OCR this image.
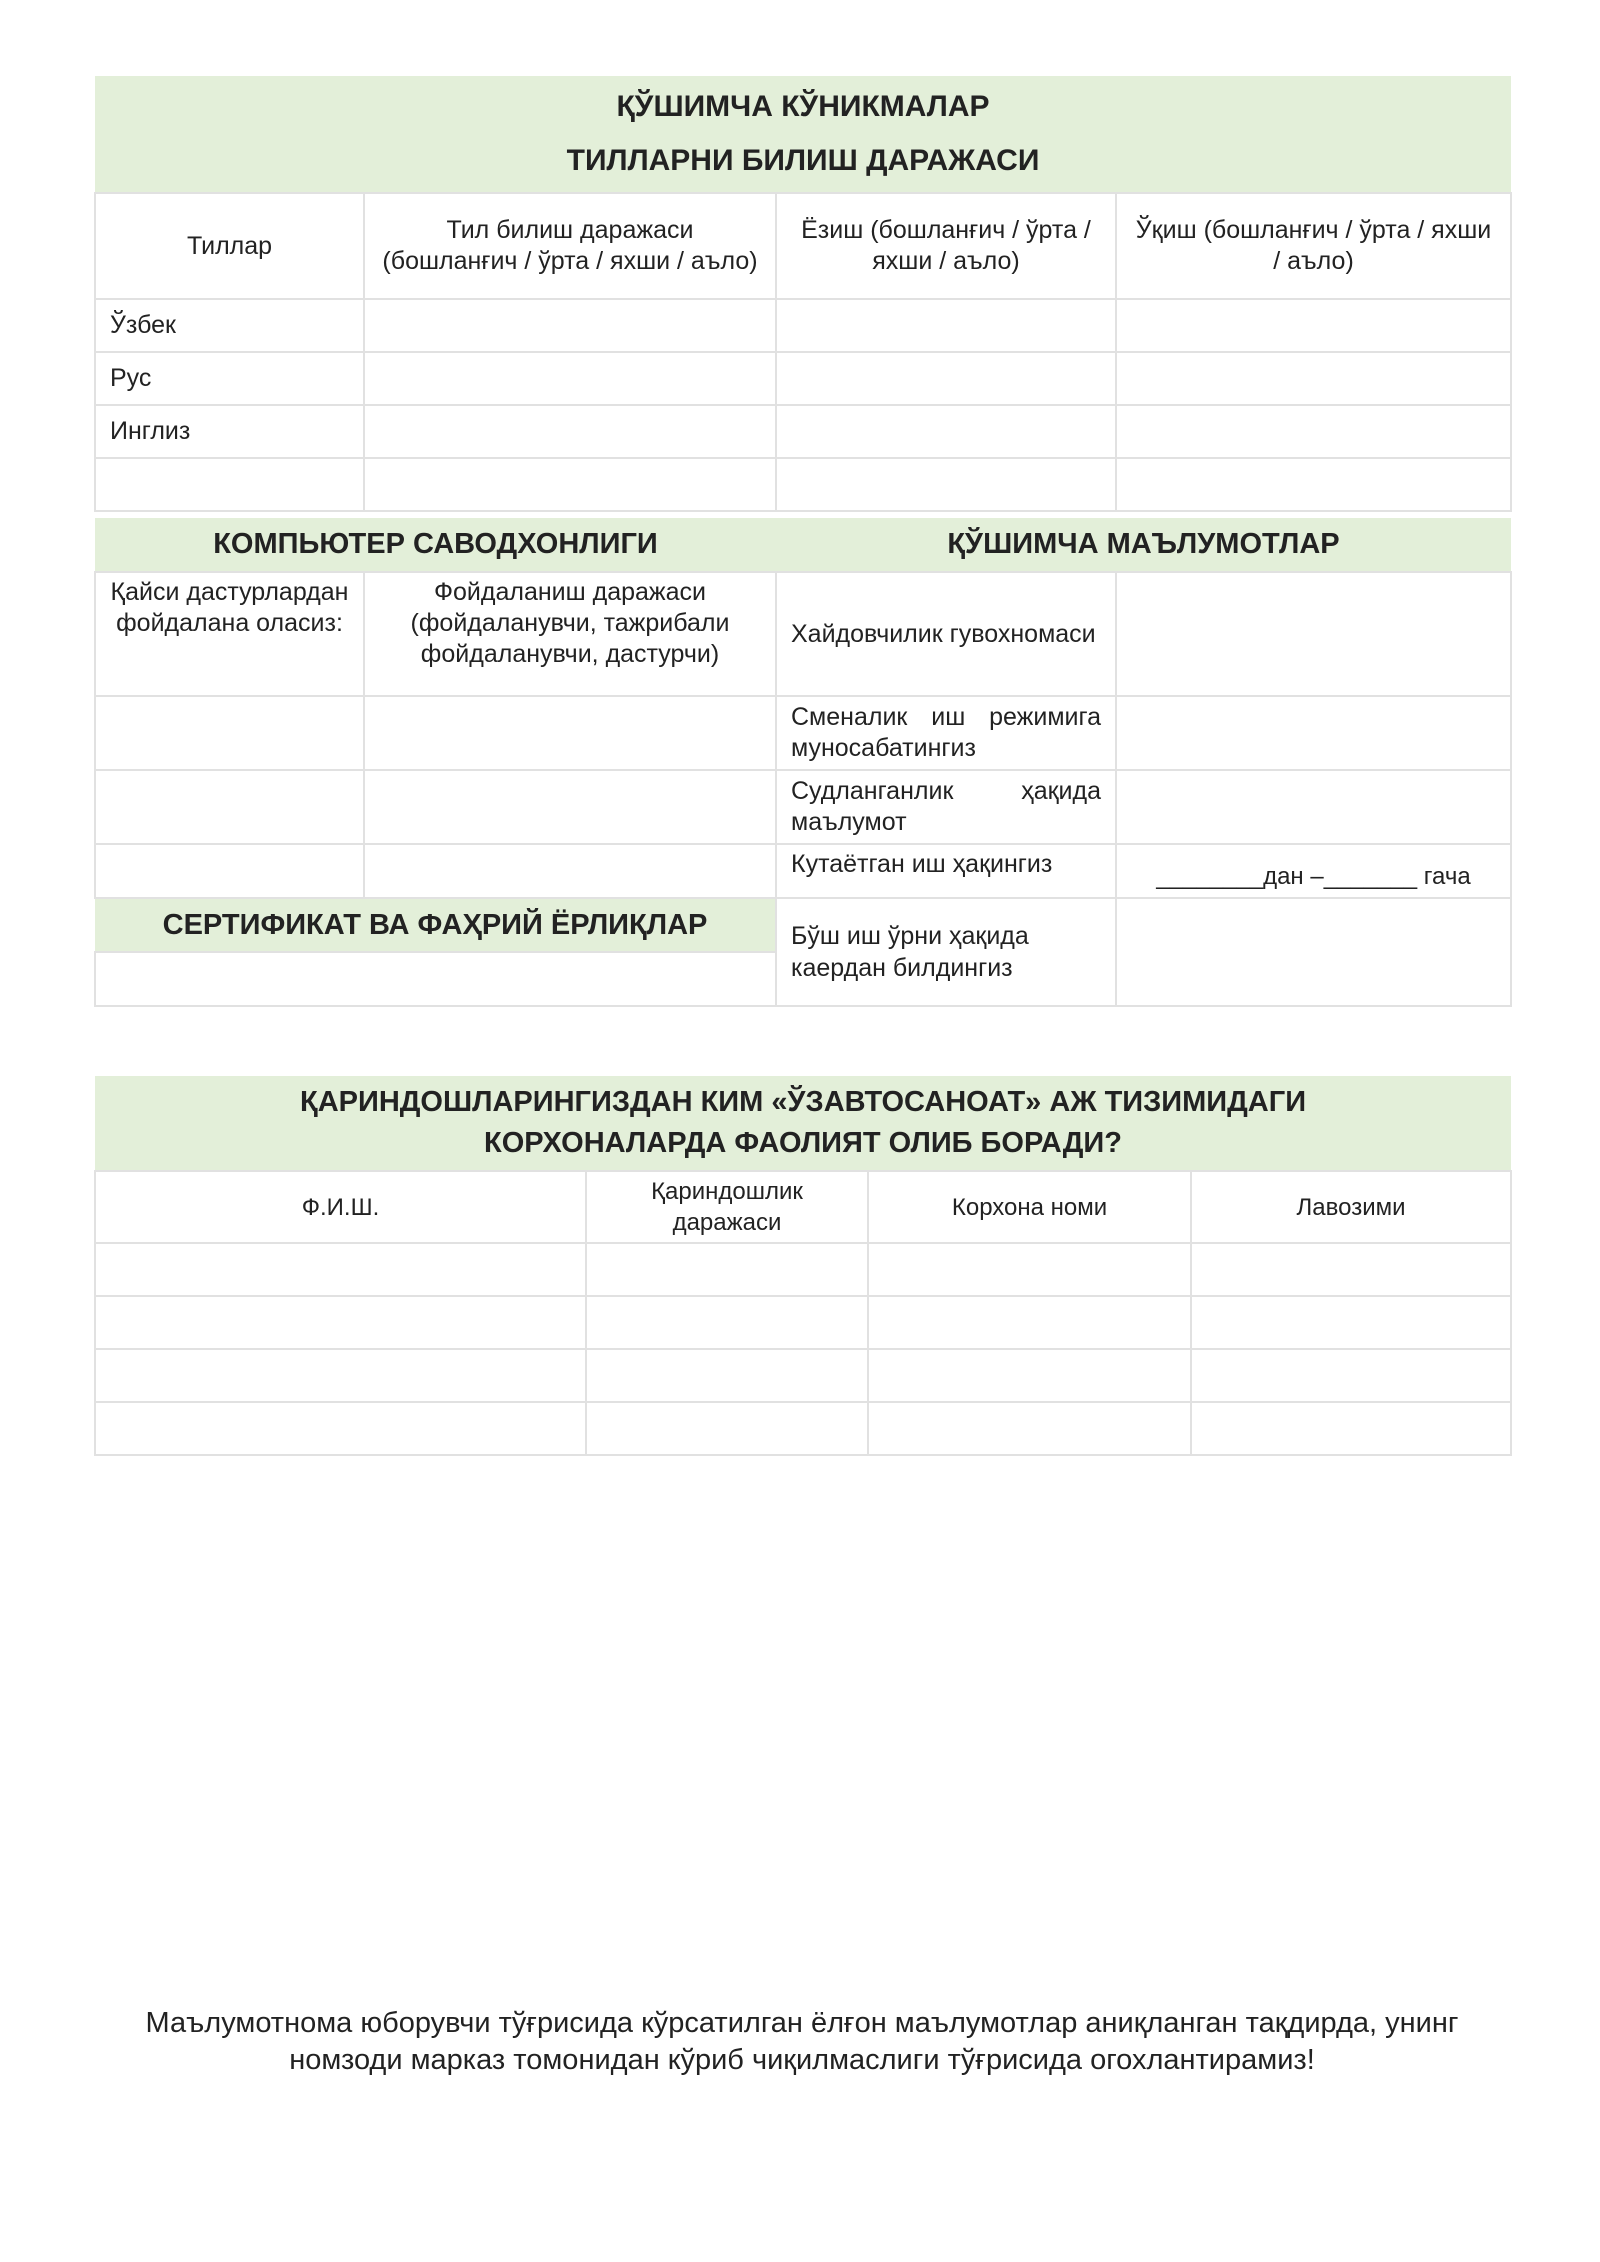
ҚЎШИМЧА КЎНИКМАЛАР
ТИЛЛАРНИ БИЛИШ ДАРАЖАСИ			

Тиллар	Тил билиш даражаси (бошланғич / ўрта / яхши / аъло)	Ёзиш (бошланғич / ўрта / яхши / аъло)	Ўқиш (бошланғич / ўрта / яхши / аъло)
Ўзбек			
Рус			
Инглиз			

КОМПЬЮТЕР САВОДХОНЛИГИ		ҚЎШИМЧА МАЪЛУМОТЛАР	
Қайси дастурлардан фойдалана оласиз:	Фойдаланиш даражаси (фойдаланувчи, тажрибали фойдаланувчи, дастурчи)	Хайдовчилик гувохномаси	
		Сменалик иш режимига муносабатингиз	
		Судланганлик ҳақида маълумот	
		Кутаётган иш ҳақингиз	________дан –_______ гача
СЕРТИФИКАТ ВА ФАҲРИЙ ЁРЛИҚЛАР		Бўш иш ўрни ҳақида каердан билдингиз	

ҚАРИНДОШЛАРИНГИЗДАН КИМ «ЎЗАВТОСАНОАТ» АЖ ТИЗИМИДАГИ КОРХОНАЛАРДА ФАОЛИЯТ ОЛИБ БОРАДИ?			
Ф.И.Ш.	Қариндошлик даражаси	Корхона номи	Лавозими

Маълумотнома юборувчи тўғрисида кўрсатилган ёлғон маълумотлар аниқланган тақдирда, унинг номзоди марказ томонидан кўриб чиқилмаслиги тўғрисида огохлантирамиз!
